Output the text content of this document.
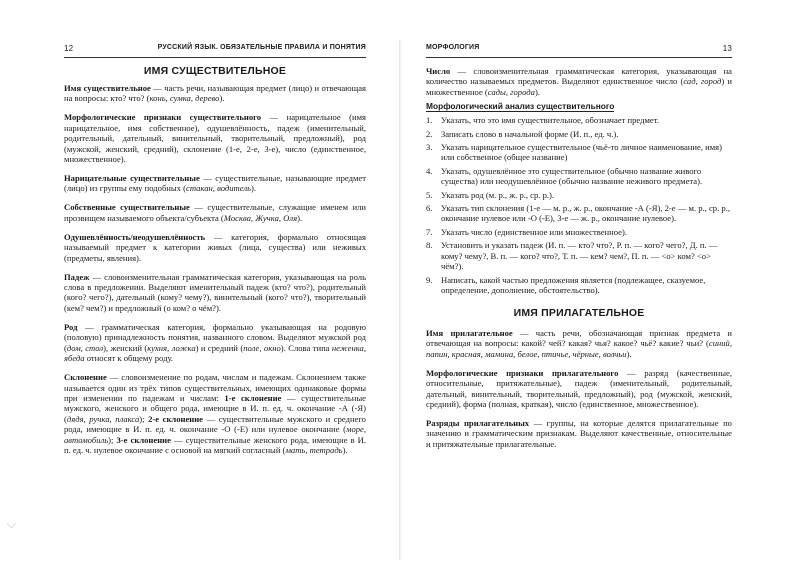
12	РУССКИЙ ЯЗЫК. ОБЯЗАТЕЛЬНЫЕ ПРАВИЛА И ПОНЯТИЯ
ИМЯ СУЩЕСТВИТЕЛЬНОЕ

Имя существительное — часть речи, называющая предмет (лицо) и отвечающая на вопросы: кто? что? (конь, сумка, дерево).

Морфологические признаки существительного — нарицательное (имя нарицательное, имя собственное), одушевлённость, падеж (именительный, родительный, дательный, винительный, творительный, предложный), род (мужской, женский, средний), склонение (1-е, 2-е, 3-е), число (единственное, множественное).

Нарицательные существительные — существительные, называющие предмет (лицо) из группы ему подобных (стакан, водитель).

Собственные существительные — существительные, служащие именем или прозвищем называемого объекта/субъекта (Москва, Жучка, Оля).

Одушевлённость/неодушевлённость — категория, формально относящая называемый предмет к категории живых (лица, существа) или неживых (предметы, явления).

Падеж — словоизменительная грамматическая категория, указывающая на роль слова в предложении. Выделяют именительный падеж (кто? что?), родительный (кого? чего?), дательный (кому? чему?), винительный (кого? что?), творительный (кем? чем?) и предложный (о ком? о чём?).

Род — грамматическая категория, формально указывающая на родовую (половую) принадлежность понятия, названного словом. Выделяют мужской род (дом, стол), женский (кухня, ложка) и средний (поле, окно). Слова типа неженка, ябеда относят к общему роду.

Склонение — словоизменение по родам, числам и падежам. Склонением также называется один из трёх типов существительных, имеющих одинаковые формы при изменении по падежам и числам: 1-е склонение — существительные мужского, женского и общего рода, имеющие в И. п. ед. ч. окончание -А (-Я) (дядя, ручка, плакса); 2-е склонение — существительные мужского и среднего рода, имеющие в И. п. ед. ч. окончание -О (-Е) или нулевое окончание (море, автомобиль); 3-е склонение — существительные женского рода, имеющие в И. п. ед. ч. нулевое окончание с основой на мягкий согласный (мать, тетрадь).

МОРФОЛОГИЯ	13

Число — словоизменительная грамматическая категория, указывающая на количество называемых предметов. Выделяют единственное число (сад, город) и множественное (сады, города).

Морфологический анализ существительного
1. Указать, что это имя существительное, обозначает предмет.
2. Записать слово в начальной форме (И. п., ед. ч.).
3. Указать нарицательное существительное (чьё-то личное наименование, имя) или собственное (общее название)
4. Указать, одушевлённое это существительное (обычно название живого существа) или неодушевлённое (обычно название неживого предмета).
5. Указать род (м. р., ж. р., ср. р.).
6. Указать тип склонения (1-е — м. р., ж. р., окончание -А (-Я), 2-е — м. р., ср. р., окончание нулевое или -О (-Е), 3-е — ж. р., окончание нулевое).
7. Указать число (единственное или множественное).
8. Установить и указать падеж (И. п. — кто? что?, Р. п. — кого? чего?, Д. п. — кому? чему?, В. п. — кого? что?, Т. п. — кем? чем?, П. п. — <о> ком? <о> чём?).
9. Написать, какой частью предложения является (подлежащее, сказуемое, определение, дополнение, обстоятельство).
ИМЯ ПРИЛАГАТЕЛЬНОЕ

Имя прилагательное — часть речи, обозначающая признак предмета и отвечающая на вопросы: какой? чей? какая? чья? какое? чьё? какие? чьи? (синий, папин, красная, мамина, белое, птичье, чёрные, волчьи).

Морфологические признаки прилагательного — разряд (качественные, относительные, притяжательные), падеж (именительный, родительный, дательный, винительный, творительный, предложный), род (мужской, женский, средний), форма (полная, краткая), число (единственное, множественное).

Разряды прилагательных — группы, на которые делятся прилагательные по значению и грамматическим признакам. Выделяют качественные, относительные и притяжательные прилагательные.
